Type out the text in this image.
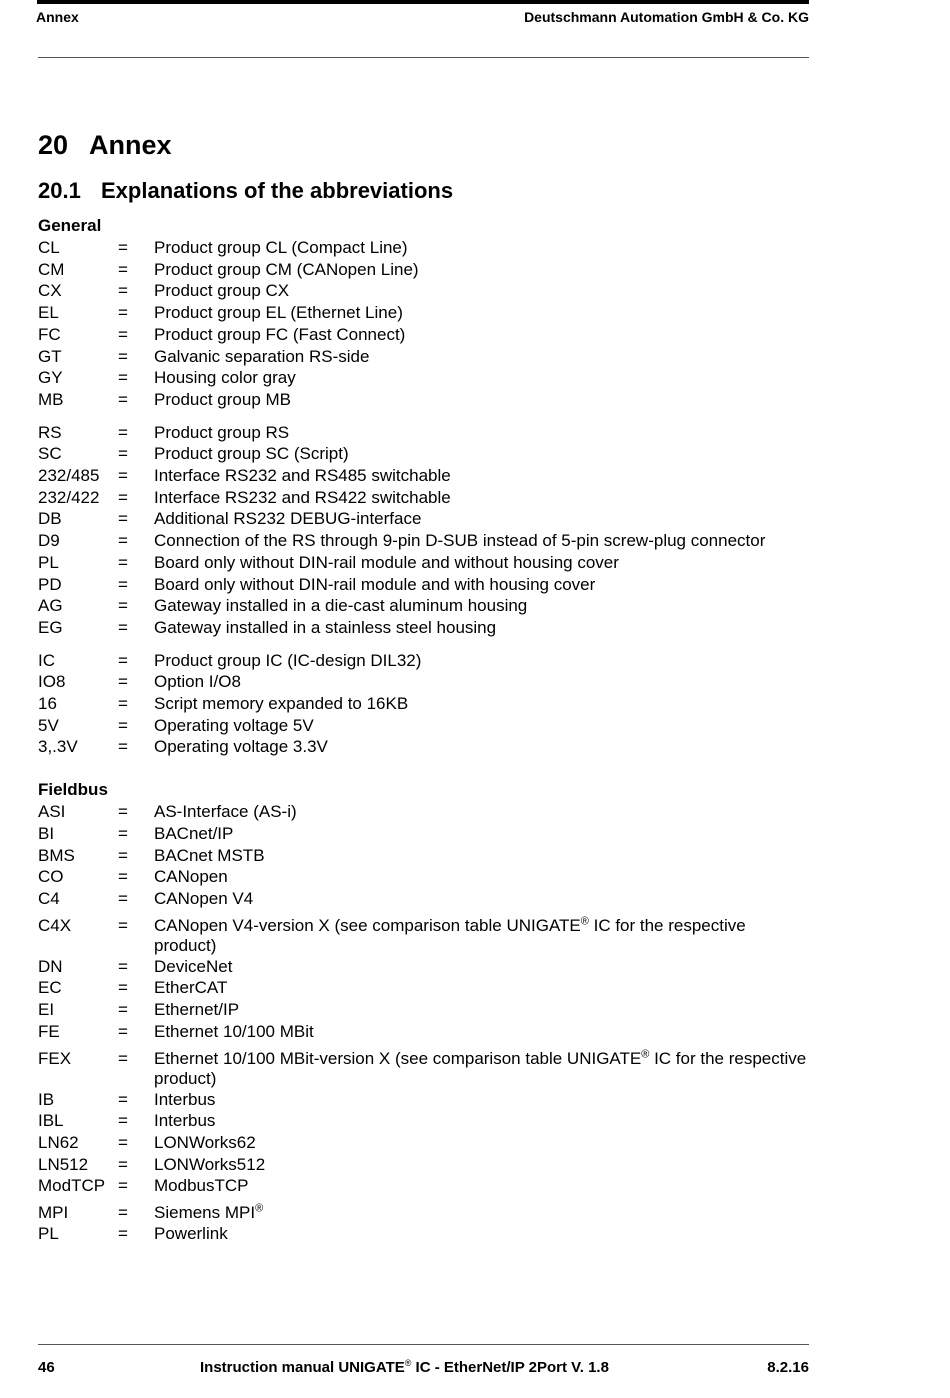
Annex	Deutschmann Automation GmbH & Co. KG
20 Annex
20.1 Explanations of the abbreviations
General
CL	=	Product group CL (Compact Line)
CM	=	Product group CM (CANopen Line)
CX	=	Product group CX
EL	=	Product group EL (Ethernet Line)
FC	=	Product group FC (Fast Connect)
GT	=	Galvanic separation RS-side
GY	=	Housing color gray
MB	=	Product group MB
RS	=	Product group RS
SC	=	Product group SC (Script)
232/485	=	Interface RS232 and RS485 switchable
232/422	=	Interface RS232 and RS422 switchable
DB	=	Additional RS232 DEBUG-interface
D9	=	Connection of the RS through 9-pin D-SUB instead of 5-pin screw-plug connector
PL	=	Board only without DIN-rail module and without housing cover
PD	=	Board only without DIN-rail module and with housing cover
AG	=	Gateway installed in a die-cast aluminum housing
EG	=	Gateway installed in a stainless steel housing
IC	=	Product group IC (IC-design DIL32)
IO8	=	Option I/O8
16	=	Script memory expanded to 16KB
5V	=	Operating voltage 5V
3,.3V	=	Operating voltage 3.3V
Fieldbus
ASI	=	AS-Interface (AS-i)
BI	=	BACnet/IP
BMS	=	BACnet MSTB
CO	=	CANopen
C4	=	CANopen V4
C4X	=	CANopen V4-version X (see comparison table UNIGATE® IC for the respective product)
DN	=	DeviceNet
EC	=	EtherCAT
EI	=	Ethernet/IP
FE	=	Ethernet 10/100 MBit
FEX	=	Ethernet 10/100 MBit-version X (see comparison table UNIGATE® IC for the respective product)
IB	=	Interbus
IBL	=	Interbus
LN62	=	LONWorks62
LN512	=	LONWorks512
ModTCP =	ModbusTCP
MPI	=	Siemens MPI®
PL	=	Powerlink
46	Instruction manual UNIGATE® IC - EtherNet/IP 2Port V. 1.8	8.2.16
